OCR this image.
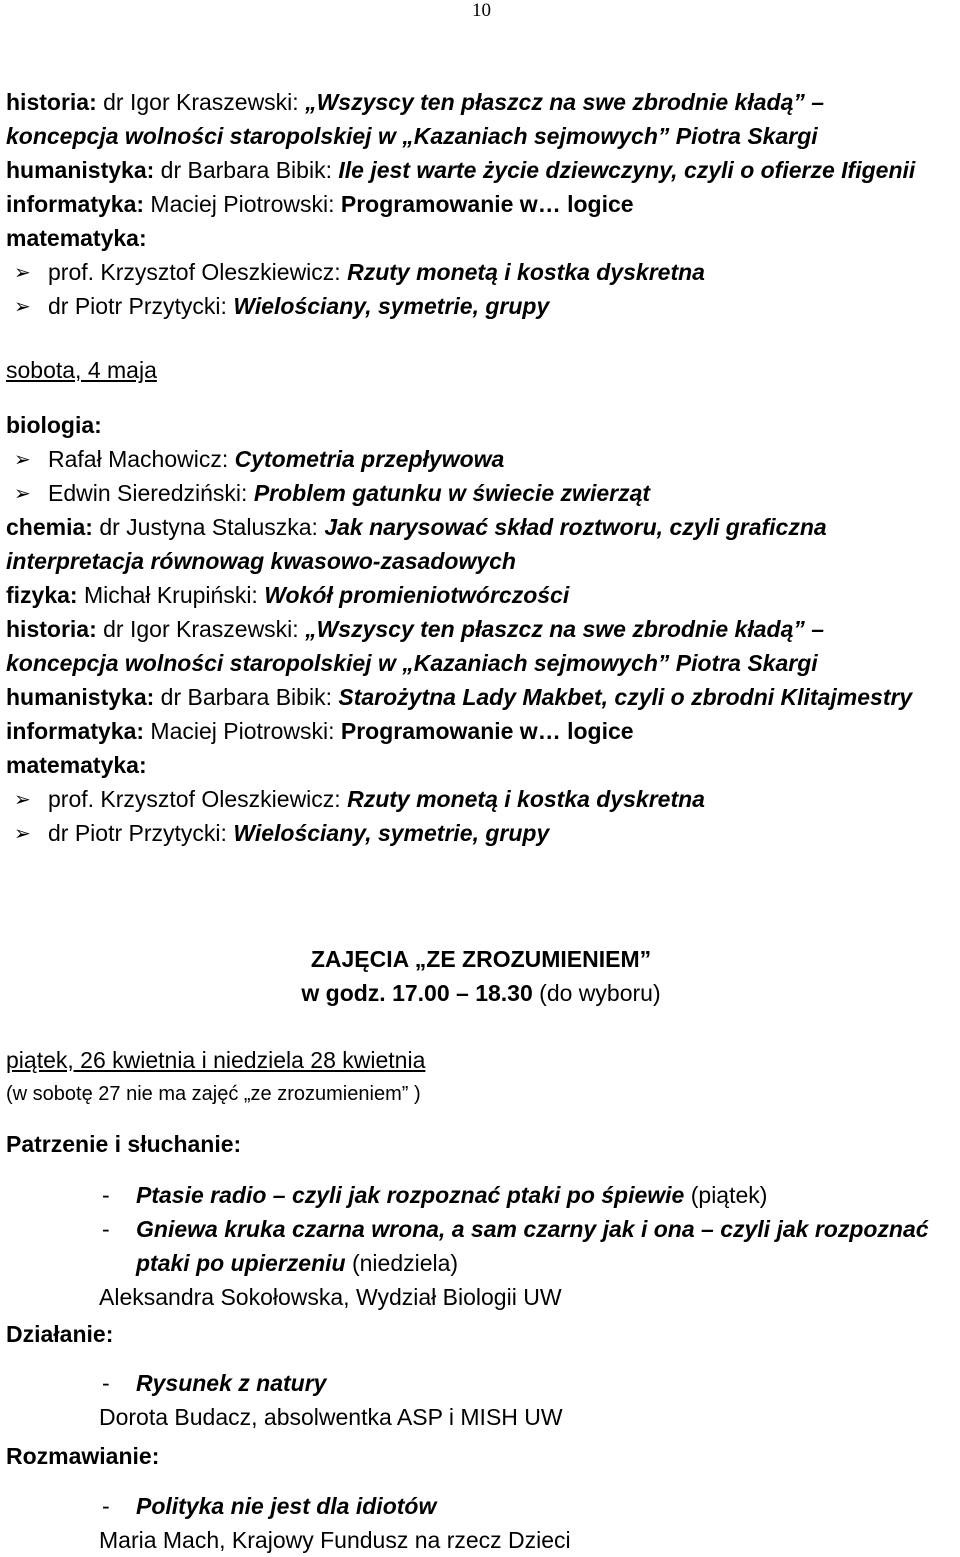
10
historia: dr Igor Kraszewski: „Wszyscy ten płaszcz na swe zbrodnie kładą” –
koncepcja wolności staropolskiej w „Kazaniach sejmowych” Piotra Skargi
humanistyka: dr Barbara Bibik: Ile jest warte życie dziewczyny, czyli o ofierze Ifigenii
informatyka: Maciej Piotrowski: Programowanie w… logice
matematyka:
➢ prof. Krzysztof Oleszkiewicz: Rzuty monetą i kostka dyskretna
➢ dr Piotr Przytycki: Wielościany, symetrie, grupy
sobota, 4 maja
biologia:
➢ Rafał Machowicz: Cytometria przepływowa
➢ Edwin Sieredziński: Problem gatunku w świecie zwierząt
chemia: dr Justyna Staluszka: Jak narysować skład roztworu, czyli graficzna
interpretacja równowag kwasowo-zasadowych
fizyka: Michał Krupiński: Wokół promieniotwórczości
historia: dr Igor Kraszewski: „Wszyscy ten płaszcz na swe zbrodnie kładą” –
koncepcja wolności staropolskiej w „Kazaniach sejmowych” Piotra Skargi
humanistyka: dr Barbara Bibik: Starożytna Lady Makbet, czyli o zbrodni Klitajmestry
informatyka: Maciej Piotrowski: Programowanie w… logice
matematyka:
➢ prof. Krzysztof Oleszkiewicz: Rzuty monetą i kostka dyskretna
➢ dr Piotr Przytycki: Wielościany, symetrie, grupy
ZAJĘCIA „ZE ZROZUMIENIEM”
w godz. 17.00 – 18.30 (do wyboru)
piątek, 26 kwietnia i niedziela 28 kwietnia
(w sobotę 27 nie ma zajęć „ze zrozumieniem” )
Patrzenie i słuchanie:
- Ptasie radio – czyli jak rozpoznać ptaki po śpiewie (piątek)
- Gniewa kruka czarna wrona, a sam czarny jak i ona – czyli jak rozpoznać
ptaki po upierzeniu (niedziela)
Aleksandra Sokołowska, Wydział Biologii UW
Działanie:
- Rysunek z natury
Dorota Budacz, absolwentka ASP i MISH UW
Rozmawianie:
- Polityka nie jest dla idiotów
Maria Mach, Krajowy Fundusz na rzecz Dzieci
